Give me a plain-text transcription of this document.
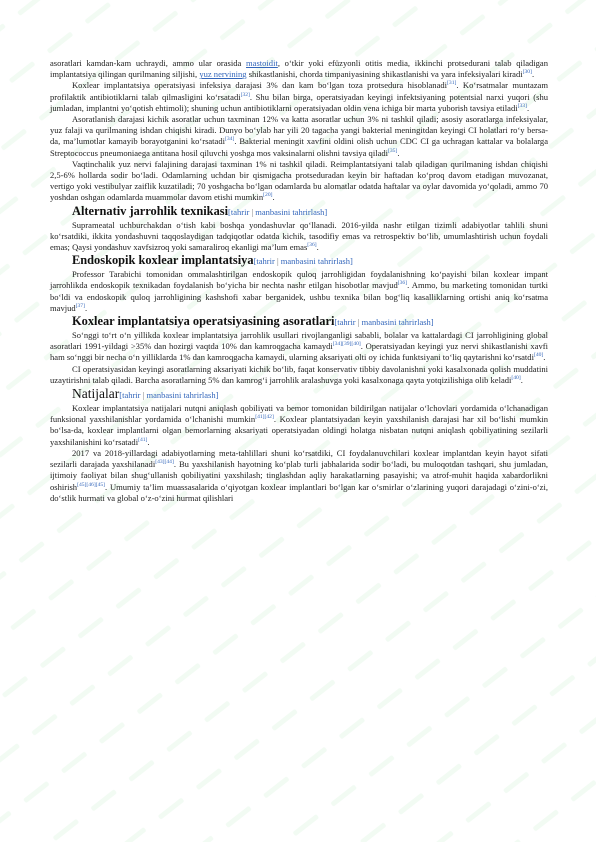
asoratlari kamdan-kam uchraydi, ammo ular orasida mastoidit, oʻtkir yoki efüzyonli otitis media, ikkinchi protsedurani talab qiladigan implantatsiya qilingan qurilmaning siljishi, yuz nervining shikastlanishi, chorda timpaniyasining shikastlanishi va yara infeksiyalari kiradi[30].

Koxlear implantatsiya operatsiyasi infeksiya darajasi 3% dan kam boʻlgan toza protsedura hisoblanadi[31]. Koʻrsatmalar muntazam profilaktik antibiotiklarni talab qilmasligini koʻrsatadi[32]. Shu bilan birga, operatsiyadan keyingi infektsiyaning potentsial narxi yuqori (shu jumladan, implantni yoʻqotish ehtimoli); shuning uchun antibiotiklarni operatsiyadan oldin vena ichiga bir marta yuborish tavsiya etiladi[33].

Asoratlanish darajasi kichik asoratlar uchun taxminan 12% va katta asoratlar uchun 3% ni tashkil qiladi; asosiy asoratlarga infeksiyalar, yuz falaji va qurilmaning ishdan chiqishi kiradi. Dunyo boʻylab har yili 20 tagacha yangi bakterial meningitdan keyingi CI holatlari roʻy bersa-da, maʼlumotlar kamayib borayotganini koʻrsatadi[34]. Bakterial meningit xavfini oldini olish uchun CDC CI ga uchragan kattalar va bolalarga Streptococcus pneumoniaega antitana hosil qiluvchi yoshga mos vaksinalarni olishni tavsiya qiladi[35].

Vaqtinchalik yuz nervi falajining darajasi taxminan 1% ni tashkil qiladi. Reimplantatsiyani talab qiladigan qurilmaning ishdan chiqishi 2,5-6% hollarda sodir boʻladi. Odamlarning uchdan bir qismigacha protseduradan keyin bir haftadan koʻproq davom etadigan muvozanat, vertigo yoki vestibulyar zaiflik kuzatiladi; 70 yoshgacha boʻlgan odamlarda bu alomatlar odatda haftalar va oylar davomida yoʻqoladi, ammo 70 yoshdan oshgan odamlarda muammolar davom etishi mumkin[20].

Alternativ jarrohlik texnikasi[tahrir | manbasini tahrirlash]

Suprameatal uchburchakdan oʻtish kabi boshqa yondashuvlar qoʻllanadi. 2016-yilda nashr etilgan tizimli adabiyotlar tahlili shuni koʻrsatdiki, ikkita yondashuvni taqqoslaydigan tadqiqotlar odatda kichik, tasodifiy emas va retrospektiv boʻlib, umumlashtirish uchun foydali emas; Qaysi yondashuv xavfsizroq yoki samaraliroq ekanligi maʼlum emas[36].

Endoskopik koxlear implantatsiya[tahrir | manbasini tahrirlash]

Professor Tarabichi tomonidan ommalashtirilgan endoskopik quloq jarrohligidan foydalanishning koʻpayishi bilan koxlear impant jarrohlikda endoskopik texnikadan foydalanish boʻyicha bir nechta nashr etilgan hisobotlar mavjud[36]. Ammo, bu marketing tomonidan turtki boʻldi va endoskopik quloq jarrohligining kashshofi xabar berganidek, ushbu texnika bilan bogʻliq kasalliklarning ortishi aniq koʻrsatma mavjud[37].

Koxlear implantatsiya operatsiyasining asoratlari[tahrir | manbasini tahrirlash]

Soʻnggi toʻrt oʻn yillikda koxlear implantatsiya jarrohlik usullari rivojlanganligi sababli, bolalar va kattalardagi CI jarrohligining global asoratlari 1991-yildagi >35% dan hozirgi vaqtda 10% dan kamroqgacha kamaydi[34][39][40]. Operatsiyadan keyingi yuz nervi shikastlanishi xavfi ham soʻnggi bir necha oʻn yilliklarda 1% dan kamroqgacha kamaydi, ularning aksariyati olti oy ichida funktsiyani toʻliq qaytarishni koʻrsatdi[40].

CI operatsiyasidan keyingi asoratlarning aksariyati kichik boʻlib, faqat konservativ tibbiy davolanishni yoki kasalxonada qolish muddatini uzaytirishni talab qiladi. Barcha asoratlarning 5% dan kamrogʻi jarrohlik aralashuvga yoki kasalxonaga qayta yotqizilishiga olib keladi[40].

Natijalar[tahrir | manbasini tahrirlash]

Koxlear implantatsiya natijalari nutqni aniqlash qobiliyati va bemor tomonidan bildirilgan natijalar oʻlchovlari yordamida oʻlchanadigan funksional yaxshilanishlar yordamida oʻlchanishi mumkin[41][42]. Koxlear plantatsiyadan keyin yaxshilanish darajasi har xil boʻlishi mumkin boʻlsa-da, koxlear implantlarni olgan bemorlarning aksariyati operatsiyadan oldingi holatga nisbatan nutqni aniqlash qobiliyatining sezilarli yaxshilanishini koʻrsatadi[41].

2017 va 2018-yillardagi adabiyotlarning meta-tahlillari shuni koʻrsatdiki, CI foydalanuvchilari koxlear implantdan keyin hayot sifati sezilarli darajada yaxshilanadi[43][44]. Bu yaxshilanish hayotning koʻplab turli jabhalarida sodir boʻladi, bu muloqotdan tashqari, shu jumladan, ijtimoiy faoliyat bilan shugʻullanish qobiliyatini yaxshilash; tinglashdan aqliy harakatlarning pasayishi; va atrof-muhit haqida xabardorlikni oshirish[45][46][45]. Umumiy taʼlim muassasalarida oʻqiyotgan koxlear implantlari boʻlgan kar oʻsmirlar oʻzlarining yuqori darajadagi oʻzini-oʻzi, doʻstlik hurmati va global oʻz-oʻzini hurmat qilishlari
